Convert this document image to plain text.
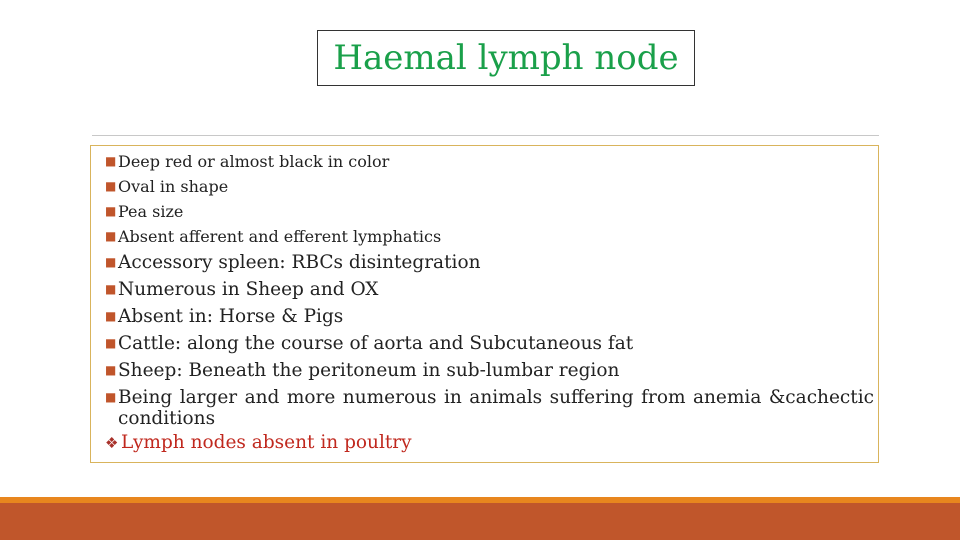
Haemal lymph node
■ Deep red or almost black in color
■ Oval in shape
■ Pea size
■ Absent afferent and efferent lymphatics
■ Accessory spleen: RBCs disintegration
■ Numerous in Sheep and OX
■ Absent in: Horse & Pigs
■ Cattle: along the course of aorta and Subcutaneous fat
■ Sheep: Beneath the peritoneum in sub-lumbar region
■ Being larger and more numerous in animals suffering from anemia &cachectic conditions
❖ Lymph nodes absent in poultry
